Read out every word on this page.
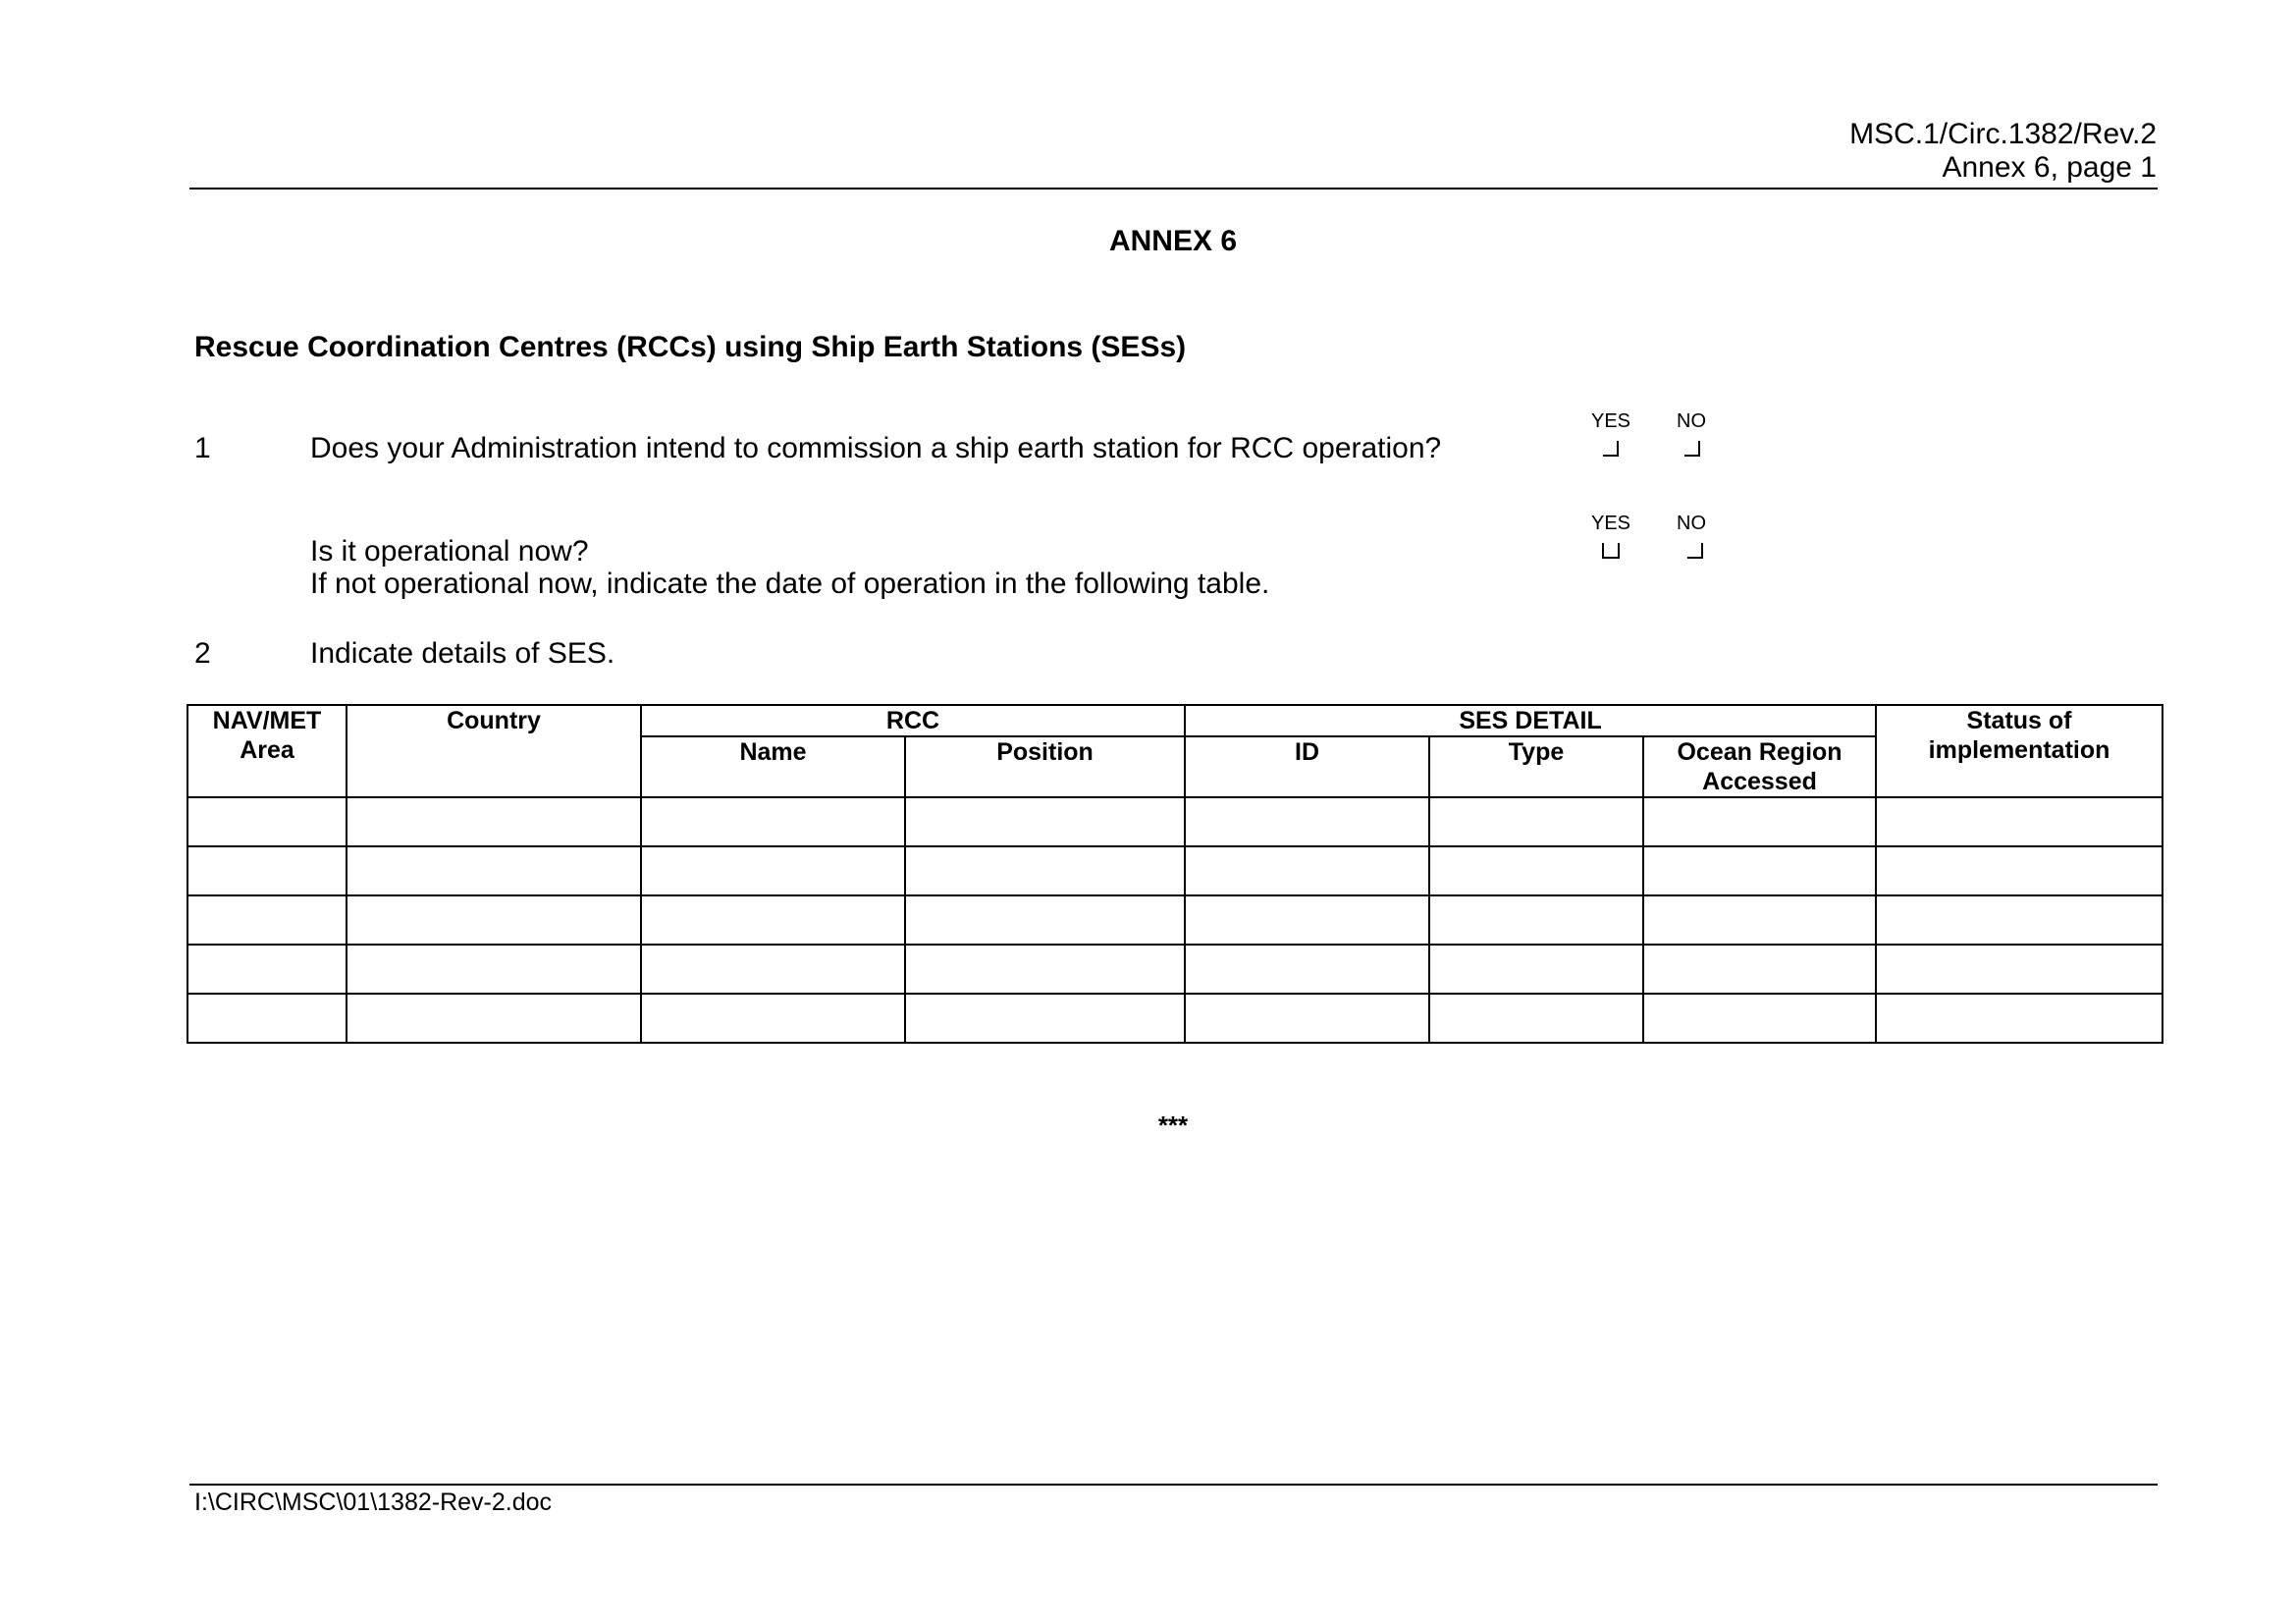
MSC.1/Circ.1382/Rev.2
Annex 6, page 1
ANNEX 6
Rescue Coordination Centres (RCCs) using Ship Earth Stations (SESs)
YES NO
1	Does your Administration intend to commission a ship earth station for RCC operation?
YES NO
Is it operational now?
If not operational now, indicate the date of operation in the following table.
2	Indicate details of SES.
NAV/MET Area	Country	RCC		SES DETAIL			Status of implementation
		Name	Position	ID	Type	Ocean Region Accessed	

***
I:\CIRC\MSC\01\1382-Rev-2.doc
